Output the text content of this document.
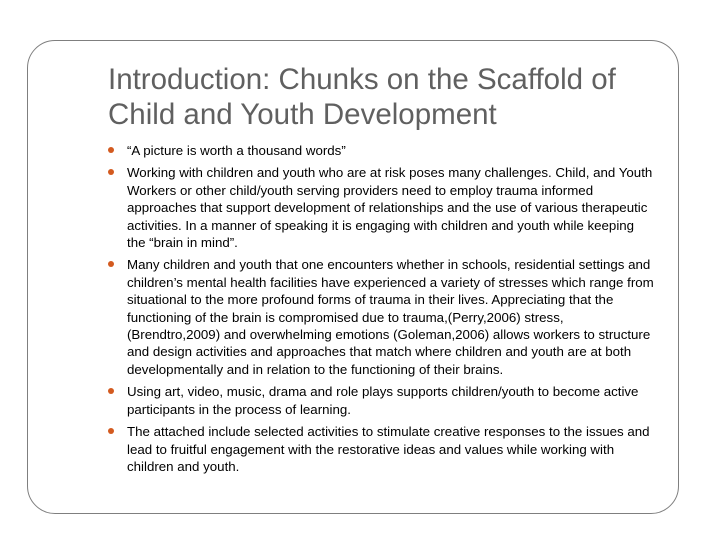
Introduction: Chunks on the Scaffold of Child and Youth Development
“A picture is worth a thousand words”
Working with children and youth who are at risk poses many challenges. Child, and Youth Workers or other child/youth serving providers need to employ trauma informed approaches that support development of relationships and the use of various therapeutic activities. In a manner of speaking it is engaging with children and youth while keeping the “brain in mind”.
Many children and youth that one encounters whether in schools, residential settings and children’s mental health facilities have experienced a variety of stresses which range from situational to the more profound forms of trauma in their lives. Appreciating that the functioning of the brain is compromised due to trauma,(Perry,2006) stress,(Brendtro,2009) and overwhelming emotions (Goleman,2006) allows workers to structure and design activities and approaches that match where children and youth are at both developmentally and in relation to the functioning of their brains.
Using art, video, music, drama and role plays supports children/youth to become active participants in the process of learning.
The attached include selected activities to stimulate creative responses to the issues and lead to fruitful engagement with the restorative ideas and values while working with children and youth.
